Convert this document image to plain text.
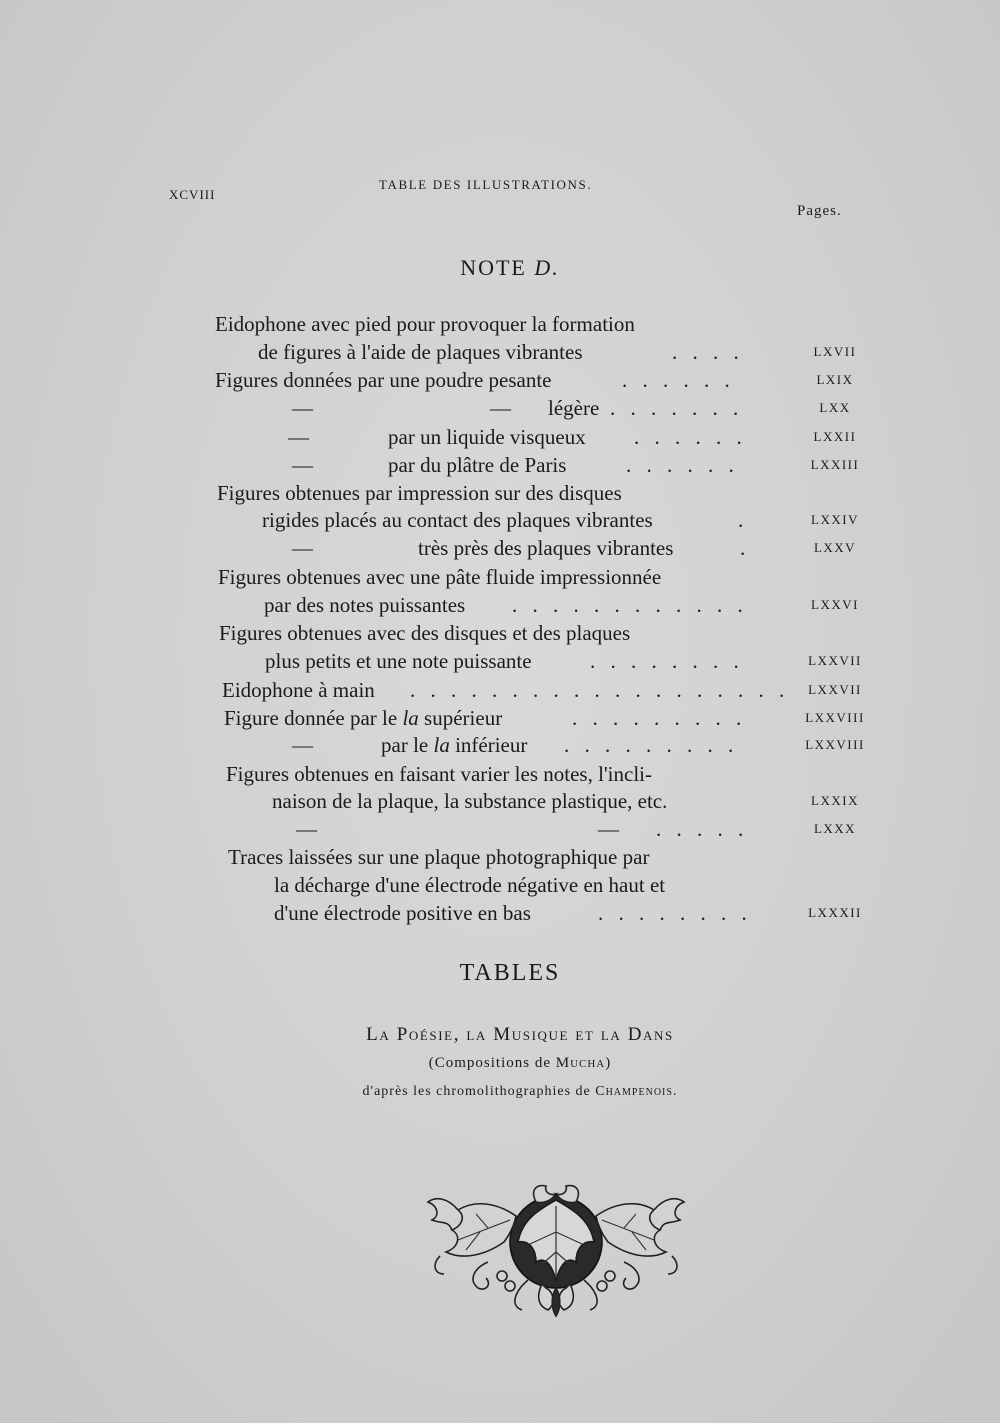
XCVIII
TABLE DES ILLUSTRATIONS.
Pages.
NOTE D.
Eidophone avec pied pour provoquer la formation
de figures à l'aide de plaques vibrantes	. . . .	LXVII
Figures données par une poudre pesante	. . . . . .	LXIX
—	— légère . . . . . . .	LXX
—	par un liquide visqueux . . . . . .	LXXII
—	par du plâtre de Paris	. . . . . .	LXXIII
Figures obtenues par impression sur des disques
rigides placés au contact des plaques vibrantes	.	LXXIV
—	très près des plaques vibrantes	.	LXXV
Figures obtenues avec une pâte fluide impressionnée
par des notes puissantes . . . . . . . . . . . .	LXXVI
Figures obtenues avec des disques et des plaques
plus petits et une note puissante	. . . . . . . .	LXXVII
Eidophone à main . . . . . . . . . . . . . . . . . . .	LXXVII
Figure donnée par le la supérieur	. . . . . . . . .	LXXVIII
—	par le la inférieur . . . . . . . . .	LXXVIII
Figures obtenues en faisant varier les notes, l'incli-
naison de la plaque, la substance plastique, etc.	LXXIX
—	— . . . . .	LXXX
Traces laissées sur une plaque photographique par
la décharge d'une électrode négative en haut et
d'une électrode positive en bas	. . . . . . . .	LXXXII
TABLES
La Poésie, la Musique et la Dans
(Compositions de Mucha)
d'après les chromolithographies de Champenois.
